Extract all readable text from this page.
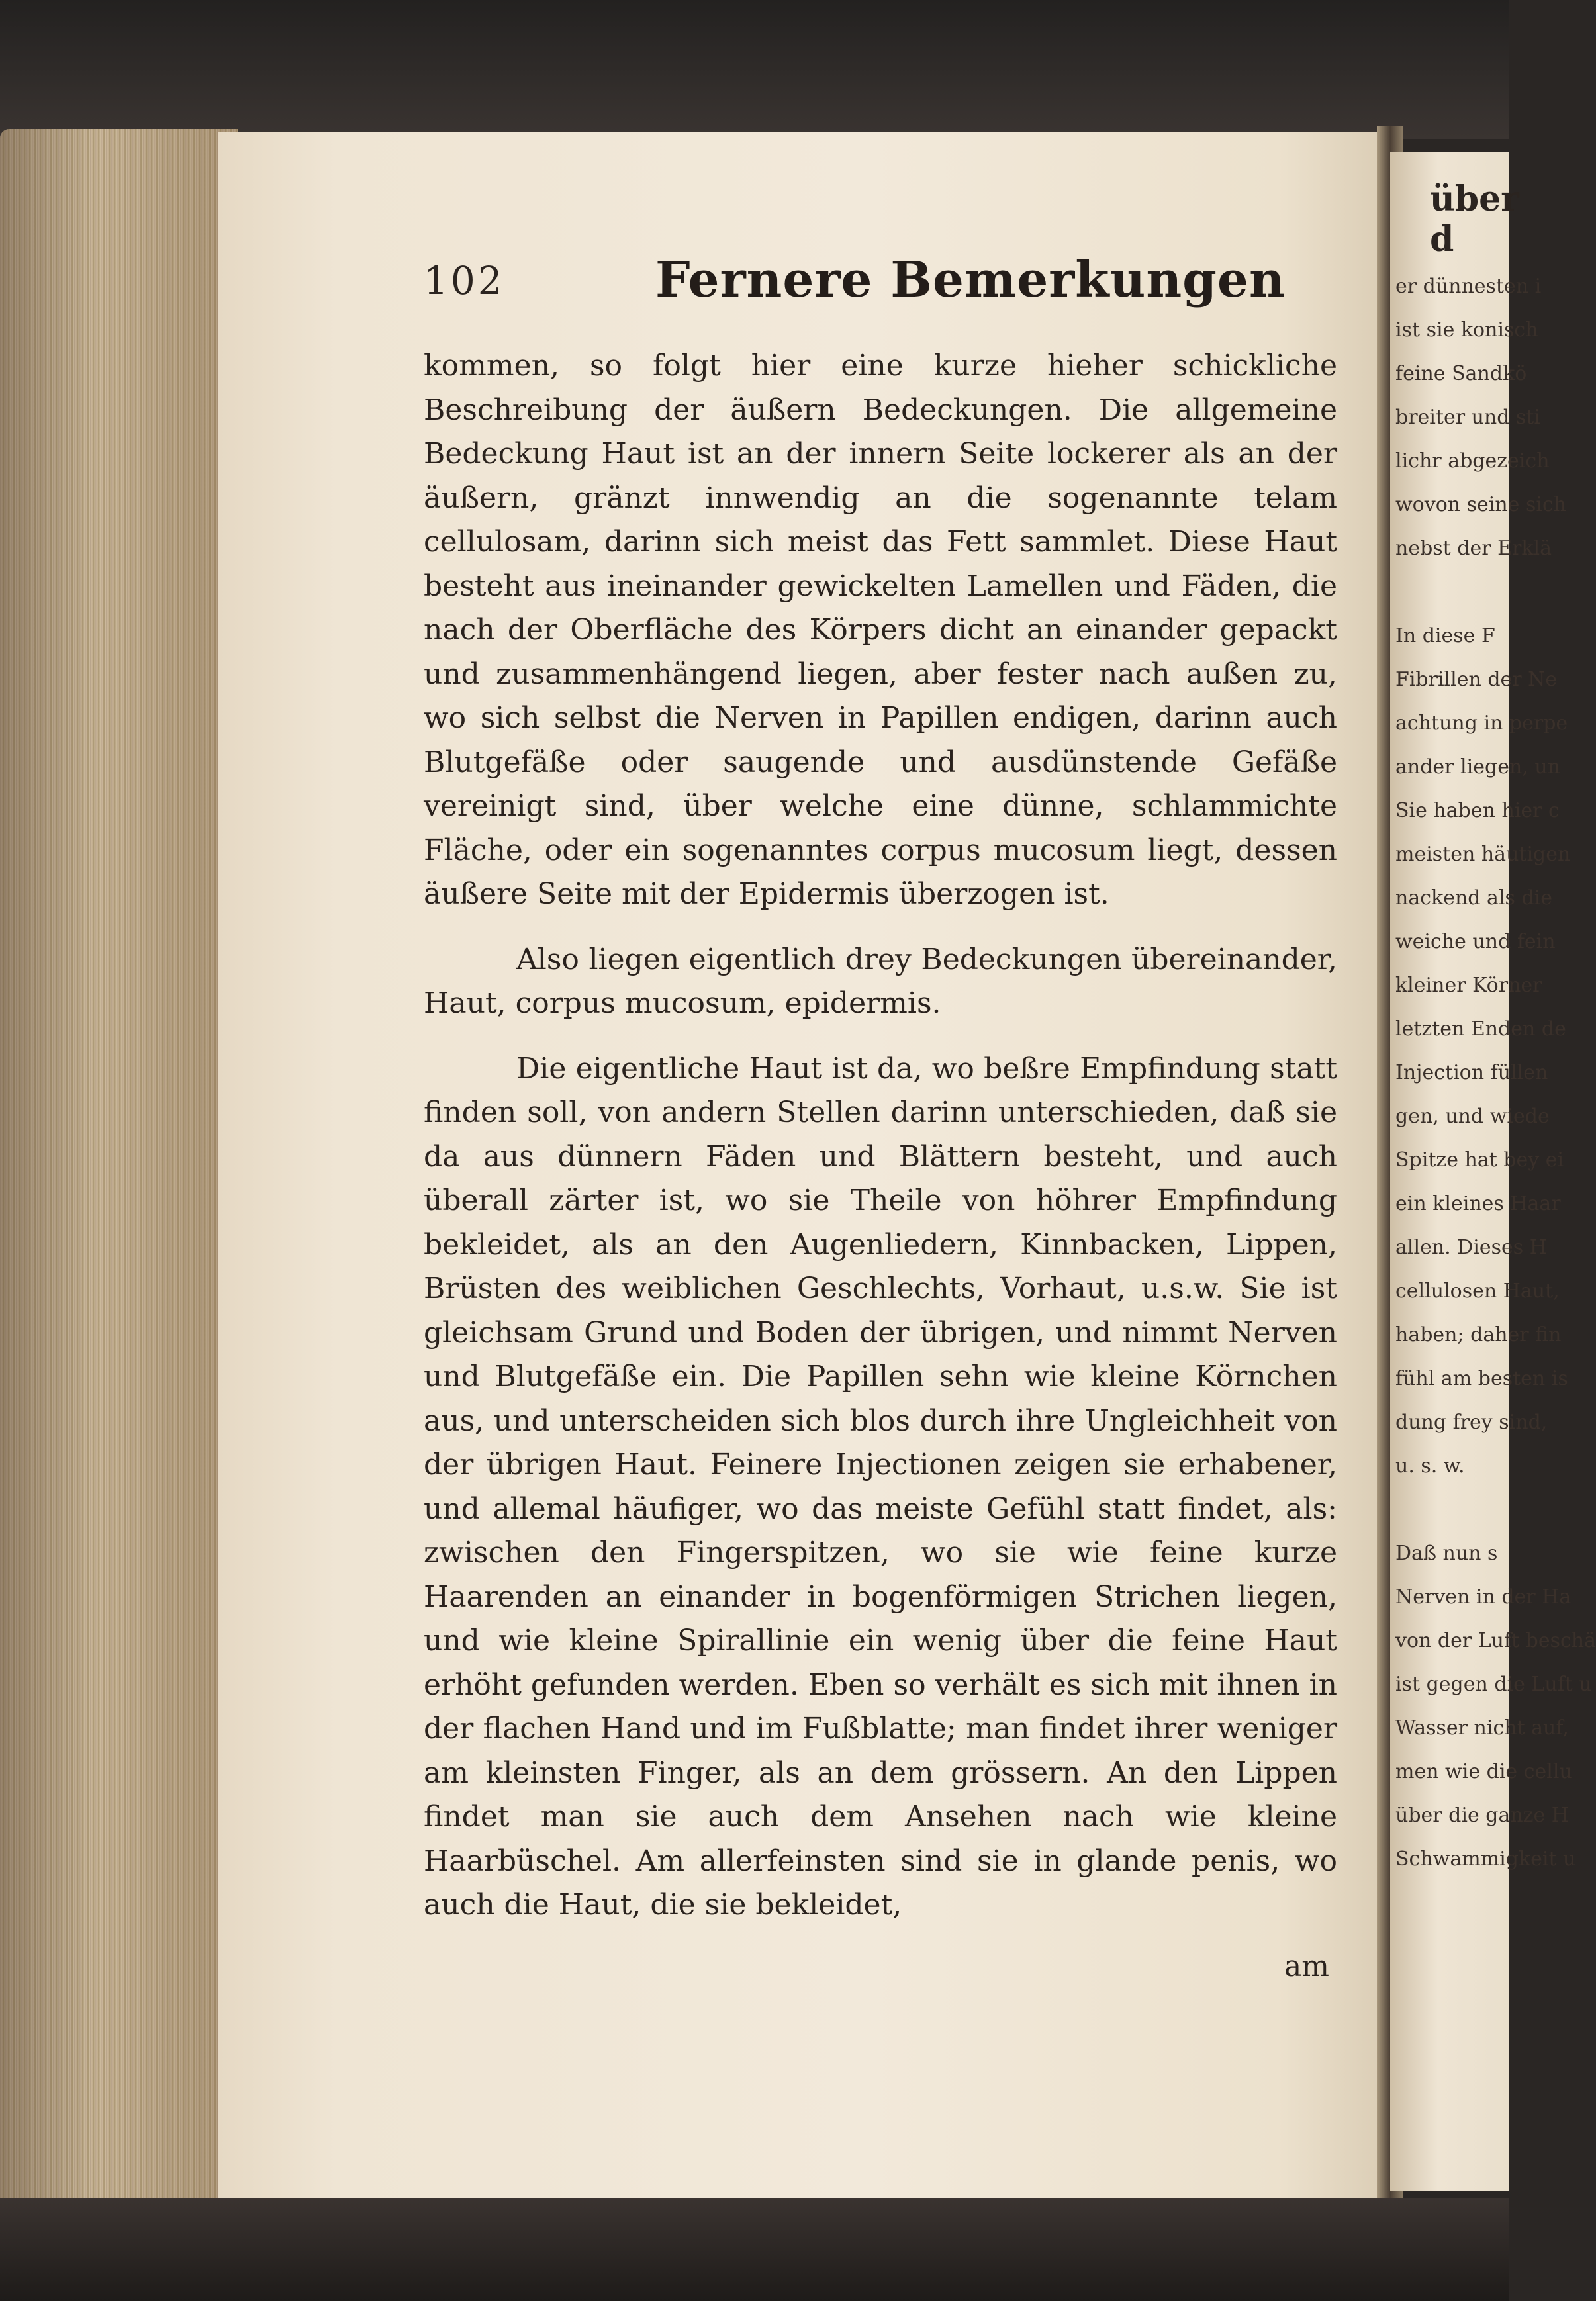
über d
er dünnesten i
ist sie konisch
feine Sandkö
breiter und sti
lichr abgezeich
wovon seine sich
nebst der Erklä
In diese F
Fibrillen der Ne
achtung in perpe
ander liegen, un
Sie haben hier c
meisten häutigen
nackend als die
weiche und fein
kleiner Körner
letzten Enden de
Injection füllen
gen, und wiede
Spitze hat bey ei
ein kleines Haar
allen. Dieses H
cellulosen Haut,
haben; daher fin
fühl am besten is
dung frey sind,
u. s. w.
Daß nun s
Nerven in der Ha
von der Luft beschä
ist gegen die Luft u
Wasser nicht auf,
men wie die cellu
über die ganze H
Schwammigkeit u
102	Fernere Bemerkungen

kommen, so folgt hier eine kurze hieher schickliche Beschreibung der äußern Bedeckungen. Die allgemeine Bedeckung Haut ist an der innern Seite lockerer als an der äußern, gränzt innwendig an die sogenannte telam cellulosam, darinn sich meist das Fett sammlet. Diese Haut besteht aus ineinander gewickelten Lamellen und Fäden, die nach der Oberfläche des Körpers dicht an einander gepackt und zusammenhängend liegen, aber fester nach außen zu, wo sich selbst die Nerven in Papillen endigen, darinn auch Blutgefäße oder saugende und ausdünstende Gefäße vereinigt sind, über welche eine dünne, schlammichte Fläche, oder ein sogenanntes corpus mucosum liegt, dessen äußere Seite mit der Epidermis überzogen ist.

Also liegen eigentlich drey Bedeckungen übereinander, Haut, corpus mucosum, epidermis.

Die eigentliche Haut ist da, wo beßre Empfindung statt finden soll, von andern Stellen darinn unterschieden, daß sie da aus dünnern Fäden und Blättern besteht, und auch überall zärter ist, wo sie Theile von höhrer Empfindung bekleidet, als an den Augenliedern, Kinnbacken, Lippen, Brüsten des weiblichen Geschlechts, Vorhaut, u.s.w. Sie ist gleichsam Grund und Boden der übrigen, und nimmt Nerven und Blutgefäße ein. Die Papillen sehn wie kleine Körnchen aus, und unterscheiden sich blos durch ihre Ungleichheit von der übrigen Haut. Feinere Injectionen zeigen sie erhabener, und allemal häufiger, wo das meiste Gefühl statt findet, als: zwischen den Fingerspitzen, wo sie wie feine kurze Haarenden an einander in bogenförmigen Strichen liegen, und wie kleine Spirallinie ein wenig über die feine Haut erhöht gefunden werden. Eben so verhält es sich mit ihnen in der flachen Hand und im Fußblatte; man findet ihrer weniger am kleinsten Finger, als an dem grössern. An den Lippen findet man sie auch dem Ansehen nach wie kleine Haarbüschel. Am allerfeinsten sind sie in glande penis, wo auch die Haut, die sie bekleidet,

am
